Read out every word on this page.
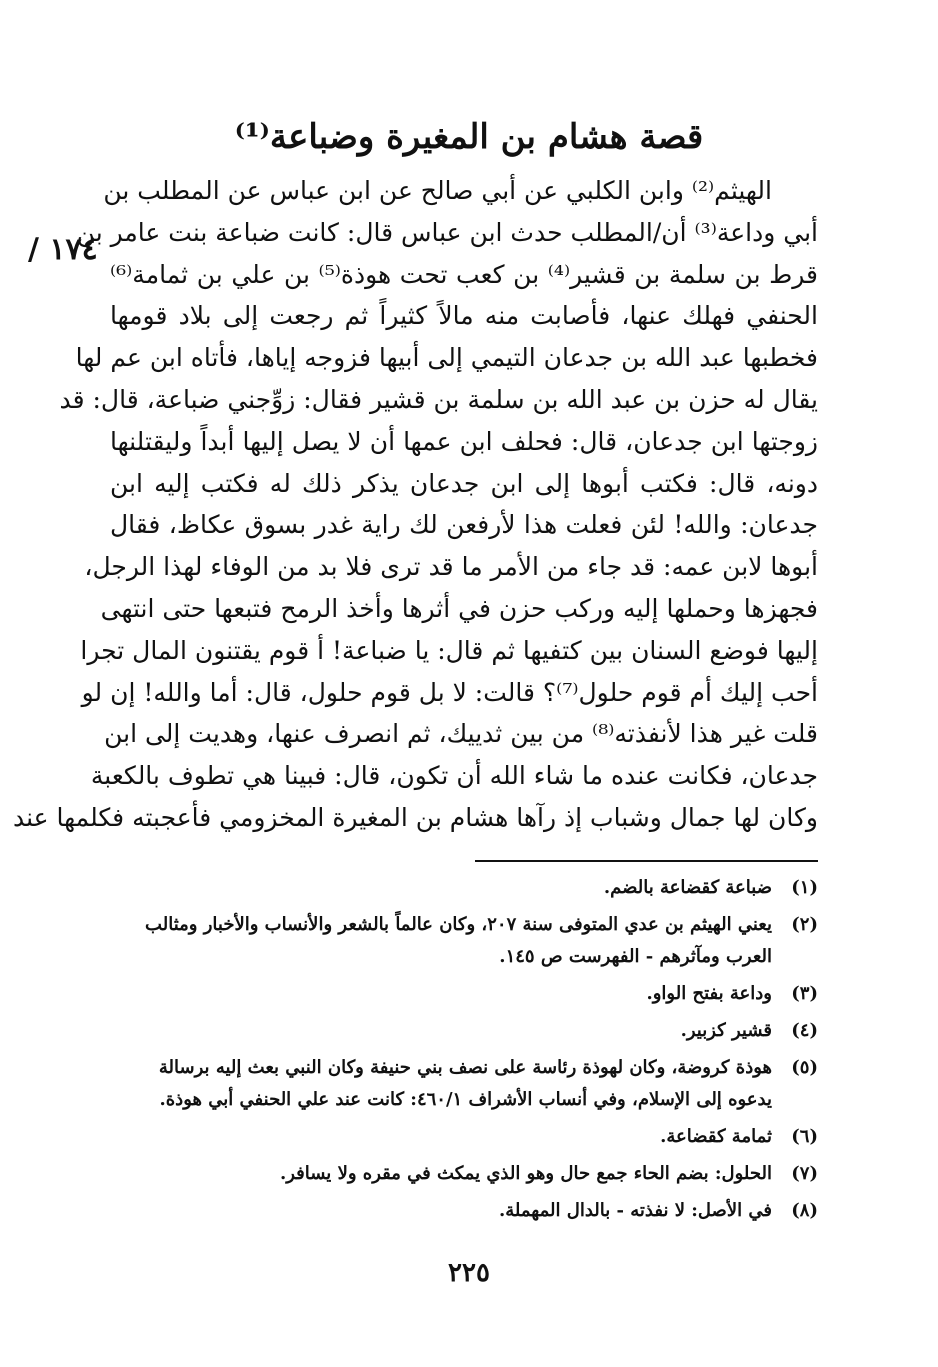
قصة هشام بن المغيرة وضباعة⁽¹⁾
١٧٤ /
الهيثم⁽²⁾ وابن الكلبي عن أبي صالح عن ابن عباس عن المطلب بن
أبي وداعة⁽³⁾ أن/المطلب حدث ابن عباس قال: كانت ضباعة بنت عامر بن
قرط بن سلمة بن قشير⁽⁴⁾ بن كعب تحت هوذة⁽⁵⁾ بن علي بن ثمامة⁽⁶⁾
الحنفي فهلك عنها، فأصابت منه مالاً كثيراً ثم رجعت إلى بلاد قومها
فخطبها عبد الله بن جدعان التيمي إلى أبيها فزوجه إياها، فأتاه ابن عم لها
يقال له حزن بن عبد الله بن سلمة بن قشير فقال: زوِّجني ضباعة، قال: قد
زوجتها ابن جدعان، قال: فحلف ابن عمها أن لا يصل إليها أبداً وليقتلنها
دونه، قال: فكتب أبوها إلى ابن جدعان يذكر ذلك له فكتب إليه ابن
جدعان: والله! لئن فعلت هذا لأرفعن لك راية غدر بسوق عكاظ، فقال
أبوها لابن عمه: قد جاء من الأمر ما قد ترى فلا بد من الوفاء لهذا الرجل،
فجهزها وحملها إليه وركب حزن في أثرها وأخذ الرمح فتبعها حتى انتهى
إليها فوضع السنان بين كتفيها ثم قال: يا ضباعة! أ قوم يقتنون المال تجرا
أحب إليك أم قوم حلول⁽⁷⁾؟ قالت: لا بل قوم حلول، قال: أما والله! إن لو
قلت غير هذا لأنفذته⁽⁸⁾ من بين ثدييك، ثم انصرف عنها، وهديت إلى ابن
جدعان، فكانت عنده ما شاء الله أن تكون، قال: فبينا هي تطوف بالكعبة
وكان لها جمال وشباب إذ رآها هشام بن المغيرة المخزومي فأعجبته فكلمها عند
(١)
ضباعة كقضاعة بالضم.
(٢)
يعني الهيثم بن عدي المتوفى سنة ٢٠٧، وكان عالماً بالشعر والأنساب والأخبار ومثالب العرب ومآثرهم - الفهرست ص ١٤٥.
(٣)
وداعة بفتح الواو.
(٤)
قشير كزبير.
(٥)
هوذة كروضة، وكان لهوذة رئاسة على نصف بني حنيفة وكان النبي بعث إليه برسالة يدعوه إلى الإسلام، وفي أنساب الأشراف ٤٦٠/١: كانت عند علي الحنفي أبي هوذة.
(٦)
ثمامة كقضاعة.
(٧)
الحلول: بضم الحاء جمع حال وهو الذي يمكث في مقره ولا يسافر.
(٨)
في الأصل: لا نفذته - بالدال المهملة.
٢٢٥
